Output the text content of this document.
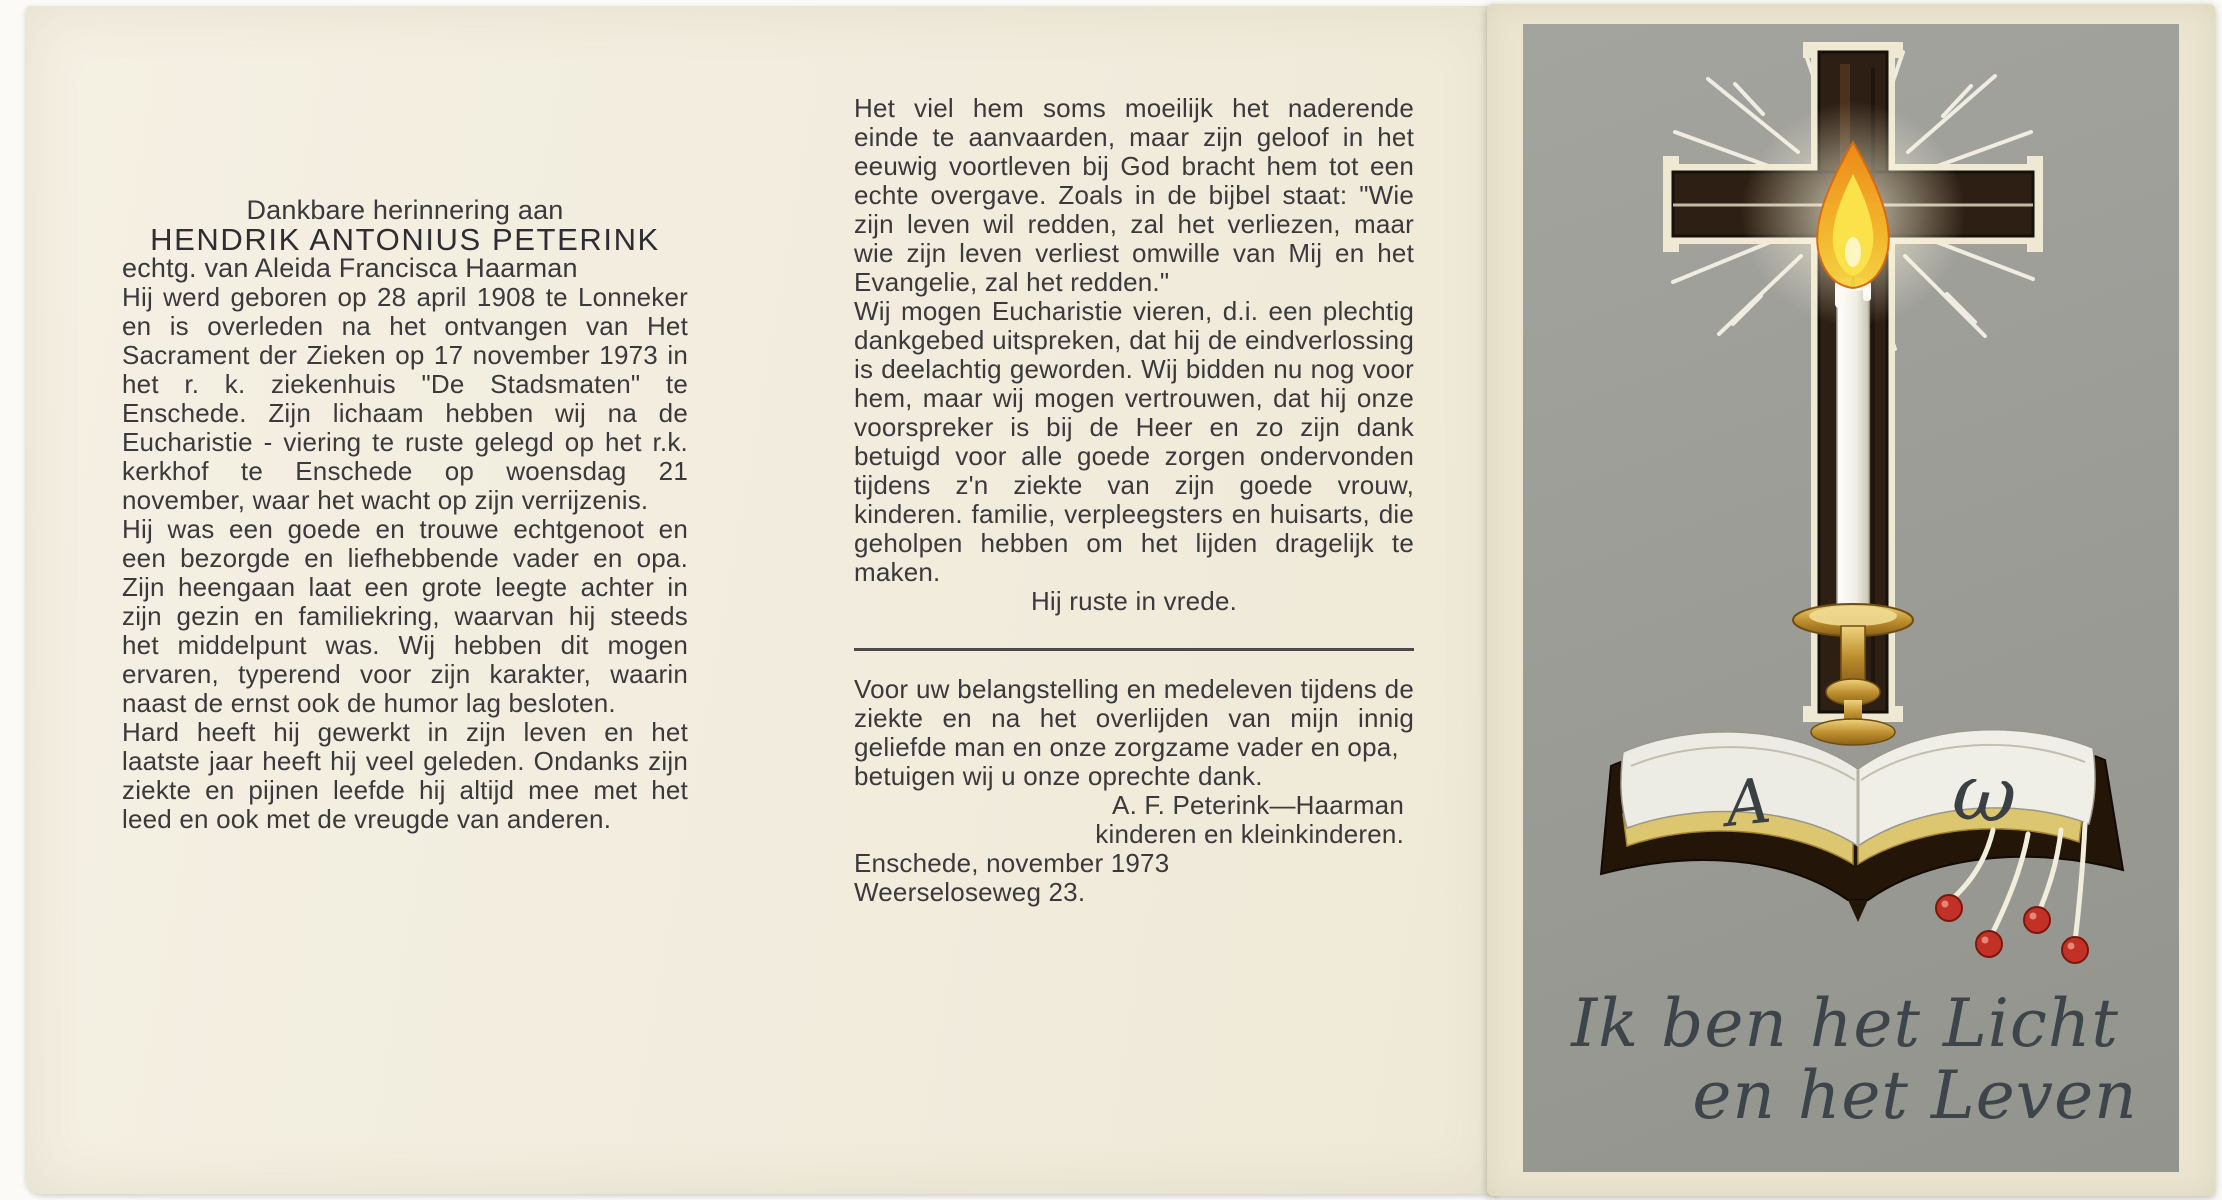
Dankbare herinnering aan

HENDRIK ANTONIUS PETERINK

echtg. van Aleida Francisca Haarman

Hij werd geboren op 28 april 1908 te Lonneker en is overleden na het ontvangen van Het Sacrament der Zieken op 17 november 1973 in het r. k. ziekenhuis "De Stadsmaten" te Enschede. Zijn lichaam hebben wij na de Eucharistie - viering te ruste gelegd op het r.k. kerkhof te Enschede op woensdag 21 november, waar het wacht op zijn verrijzenis.

Hij was een goede en trouwe echtgenoot en een bezorgde en liefhebbende vader en opa. Zijn heengaan laat een grote leegte achter in zijn gezin en familiekring, waarvan hij steeds het middelpunt was. Wij hebben dit mogen ervaren, typerend voor zijn karakter, waarin naast de ernst ook de humor lag besloten.

Hard heeft hij gewerkt in zijn leven en het laatste jaar heeft hij veel geleden. Ondanks zijn ziekte en pijnen leefde hij altijd mee met het leed en ook met de vreugde van anderen.

Het viel hem soms moeilijk het naderende einde te aanvaarden, maar zijn geloof in het eeuwig voortleven bij God bracht hem tot een echte overgave. Zoals in de bijbel staat: "Wie zijn leven wil redden, zal het verliezen, maar wie zijn leven verliest omwille van Mij en het Evangelie, zal het redden."

Wij mogen Eucharistie vieren, d.i. een plechtig dankgebed uitspreken, dat hij de eindverlossing is deelachtig geworden. Wij bidden nu nog voor hem, maar wij mogen vertrouwen, dat hij onze voorspreker is bij de Heer en zo zijn dank betuigd voor alle goede zorgen ondervonden tijdens z'n ziekte van zijn goede vrouw, kinderen. familie, verpleegsters en huisarts, die geholpen hebben om het lijden dragelijk te maken.

Hij ruste in vrede.

Voor uw belangstelling en medeleven tijdens de ziekte en na het overlijden van mijn innig geliefde man en onze zorgzame vader en opa,

betuigen wij u onze oprechte dank.

A. F. Peterink—Haarman

kinderen en kleinkinderen.

Enschede, november 1973

Weerseloseweg 23.

A ω
Ik ben het Licht
en het Leven
